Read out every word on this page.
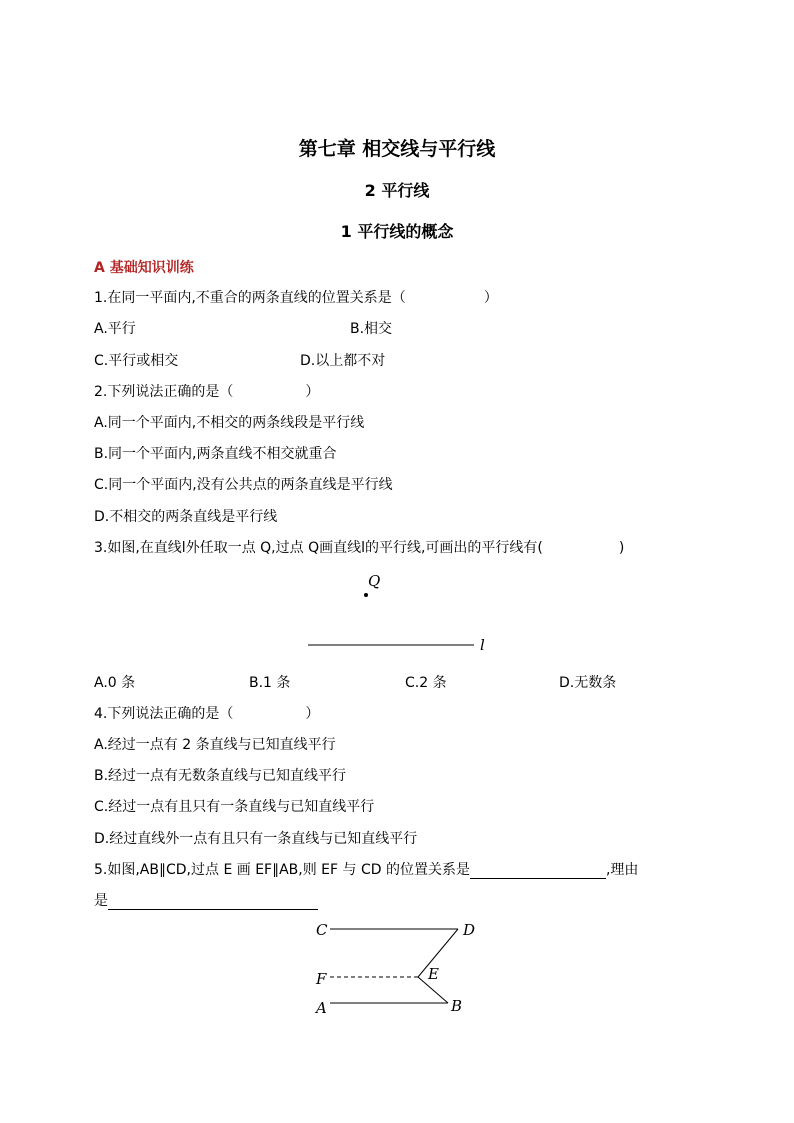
第七章 相交线与平行线
2 平行线
1 平行线的概念
A 基础知识训练
1.在同一平面内,不重合的两条直线的位置关系是（	）
A.平行	B.相交
C.平行或相交	D.以上都不对
2.下列说法正确的是（	）
A.同一个平面内,不相交的两条线段是平行线
B.同一个平面内,两条直线不相交就重合
C.同一个平面内,没有公共点的两条直线是平行线
D.不相交的两条直线是平行线
3.如图,在直线l外任取一点 Q,过点 Q画直线l的平行线,可画出的平行线有(	)
Q
l
A.0 条	B.1 条	C.2 条	D.无数条
4.下列说法正确的是（	）
A.经过一点有 2 条直线与已知直线平行
B.经过一点有无数条直线与已知直线平行
C.经过一点有且只有一条直线与已知直线平行
D.经过直线外一点有且只有一条直线与已知直线平行
5.如图,AB∥CD,过点 E 画 EF∥AB,则 EF 与 CD 的位置关系是	,理由
是
C	D
F	E
A	B
